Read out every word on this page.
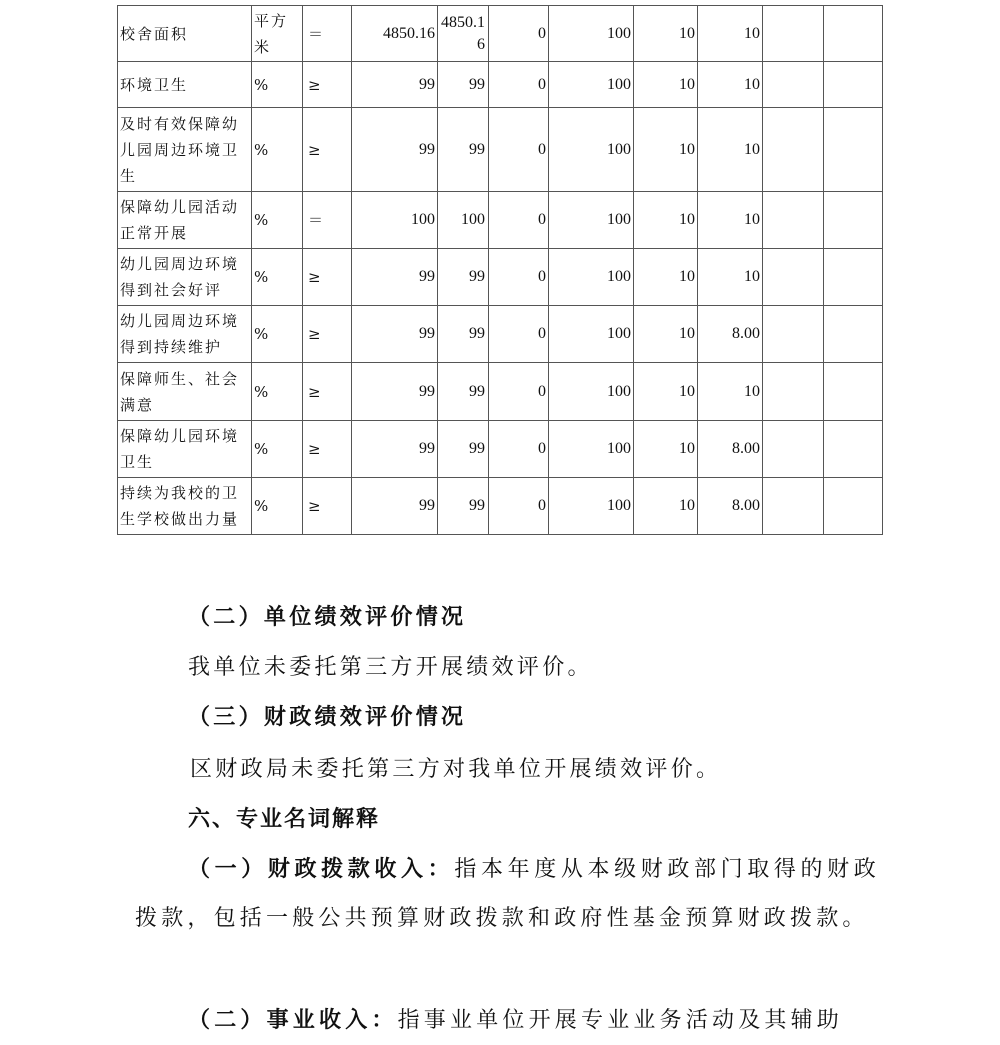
校舍面积	平方米	＝	4850.16	4850.16	0	100	10	10		
环境卫生	%	≥	99	99	0	100	10	10		
及时有效保障幼儿园周边环境卫生	%	≥	99	99	0	100	10	10		
保障幼儿园活动正常开展	%	＝	100	100	0	100	10	10		
幼儿园周边环境得到社会好评	%	≥	99	99	0	100	10	10		
幼儿园周边环境得到持续维护	%	≥	99	99	0	100	10	8.00		
保障师生、社会满意	%	≥	99	99	0	100	10	10		
保障幼儿园环境卫生	%	≥	99	99	0	100	10	8.00		
持续为我校的卫生学校做出力量	%	≥	99	99	0	100	10	8.00		
（二）单位绩效评价情况
我单位未委托第三方开展绩效评价。
（三）财政绩效评价情况
区财政局未委托第三方对我单位开展绩效评价。
六、专业名词解释
（一）财政拨款收入：指本年度从本级财政部门取得的财政拨款，包括一般公共预算财政拨款和政府性基金预算财政拨款。
（二）事业收入：指事业单位开展专业业务活动及其辅助
